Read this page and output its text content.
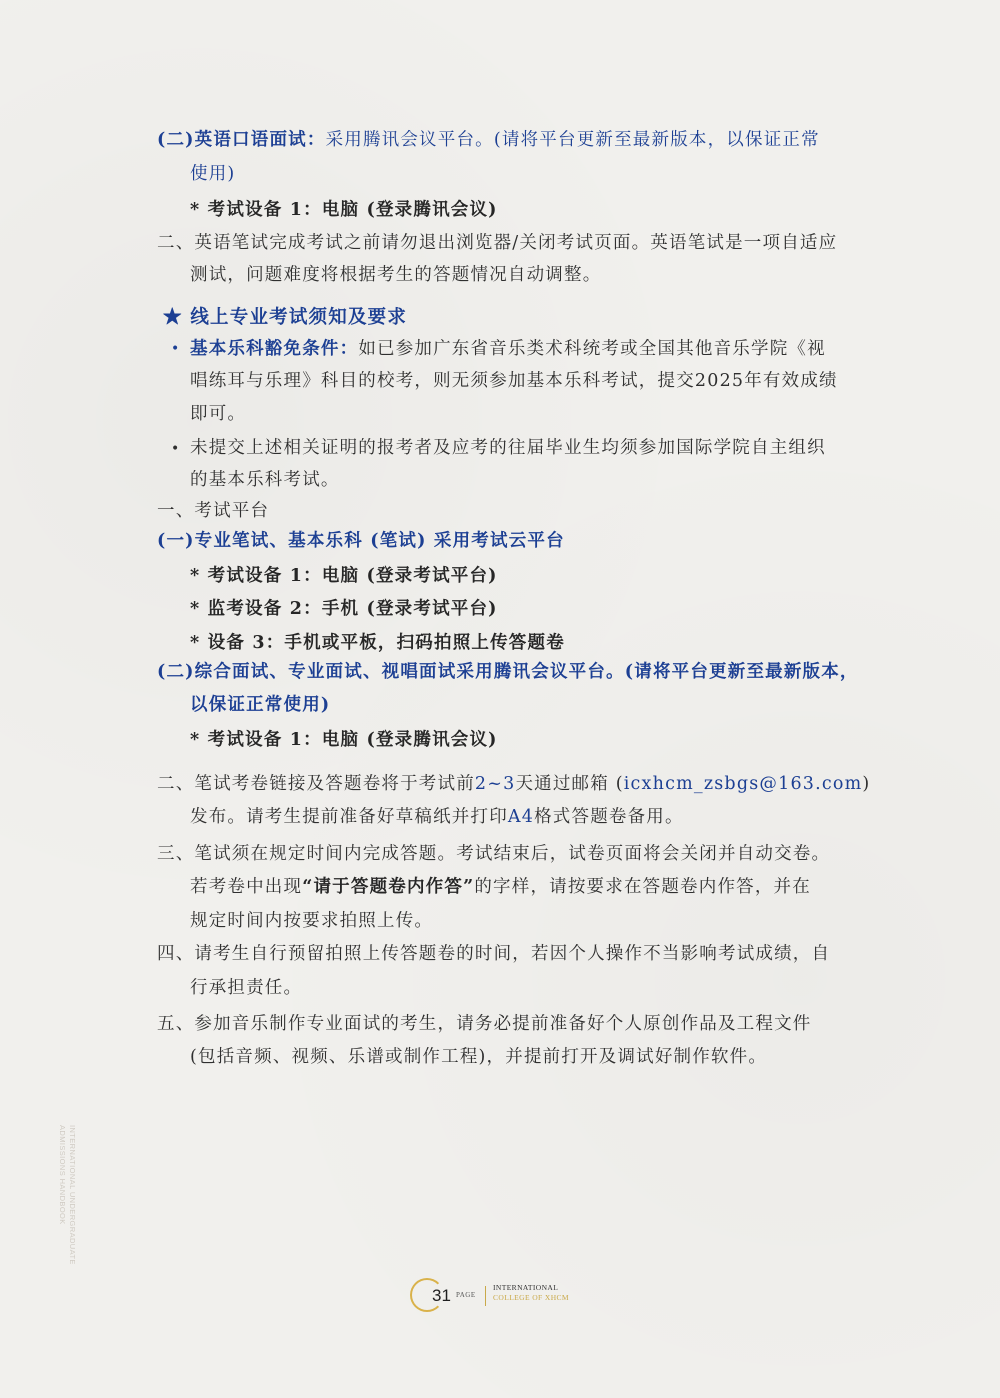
(二)英语口语面试：采用腾讯会议平台。(请将平台更新至最新版本，以保证正常
使用)
* 考试设备 1：电脑 (登录腾讯会议)
二、英语笔试完成考试之前请勿退出浏览器/关闭考试页面。英语笔试是一项自适应
测试，问题难度将根据考生的答题情况自动调整。
★ 线上专业考试须知及要求
• 基本乐科豁免条件：如已参加广东省音乐类术科统考或全国其他音乐学院《视
唱练耳与乐理》科目的校考，则无须参加基本乐科考试，提交2025年有效成绩
即可。
• 未提交上述相关证明的报考者及应考的往届毕业生均须参加国际学院自主组织
的基本乐科考试。
一、考试平台
(一)专业笔试、基本乐科 (笔试) 采用考试云平台
* 考试设备 1：电脑 (登录考试平台)
* 监考设备 2：手机 (登录考试平台)
* 设备 3：手机或平板，扫码拍照上传答题卷
(二)综合面试、专业面试、视唱面试采用腾讯会议平台。(请将平台更新至最新版本，
以保证正常使用)
* 考试设备 1：电脑 (登录腾讯会议)
二、笔试考卷链接及答题卷将于考试前2~3天通过邮箱 (icxhcm_zsbgs@163.com)
发布。请考生提前准备好草稿纸并打印A4格式答题卷备用。
三、笔试须在规定时间内完成答题。考试结束后，试卷页面将会关闭并自动交卷。
若考卷中出现“请于答题卷内作答”的字样，请按要求在答题卷内作答，并在
规定时间内按要求拍照上传。
四、请考生自行预留拍照上传答题卷的时间，若因个人操作不当影响考试成绩，自
行承担责任。
五、参加音乐制作专业面试的考生，请务必提前准备好个人原创作品及工程文件
(包括音频、视频、乐谱或制作工程)，并提前打开及调试好制作软件。
INTERNATIONAL UNDERGRADUATE
ADMISSIONS HANDBOOK
31 PAGE
INTERNATIONAL
COLLEGE OF XHCM
